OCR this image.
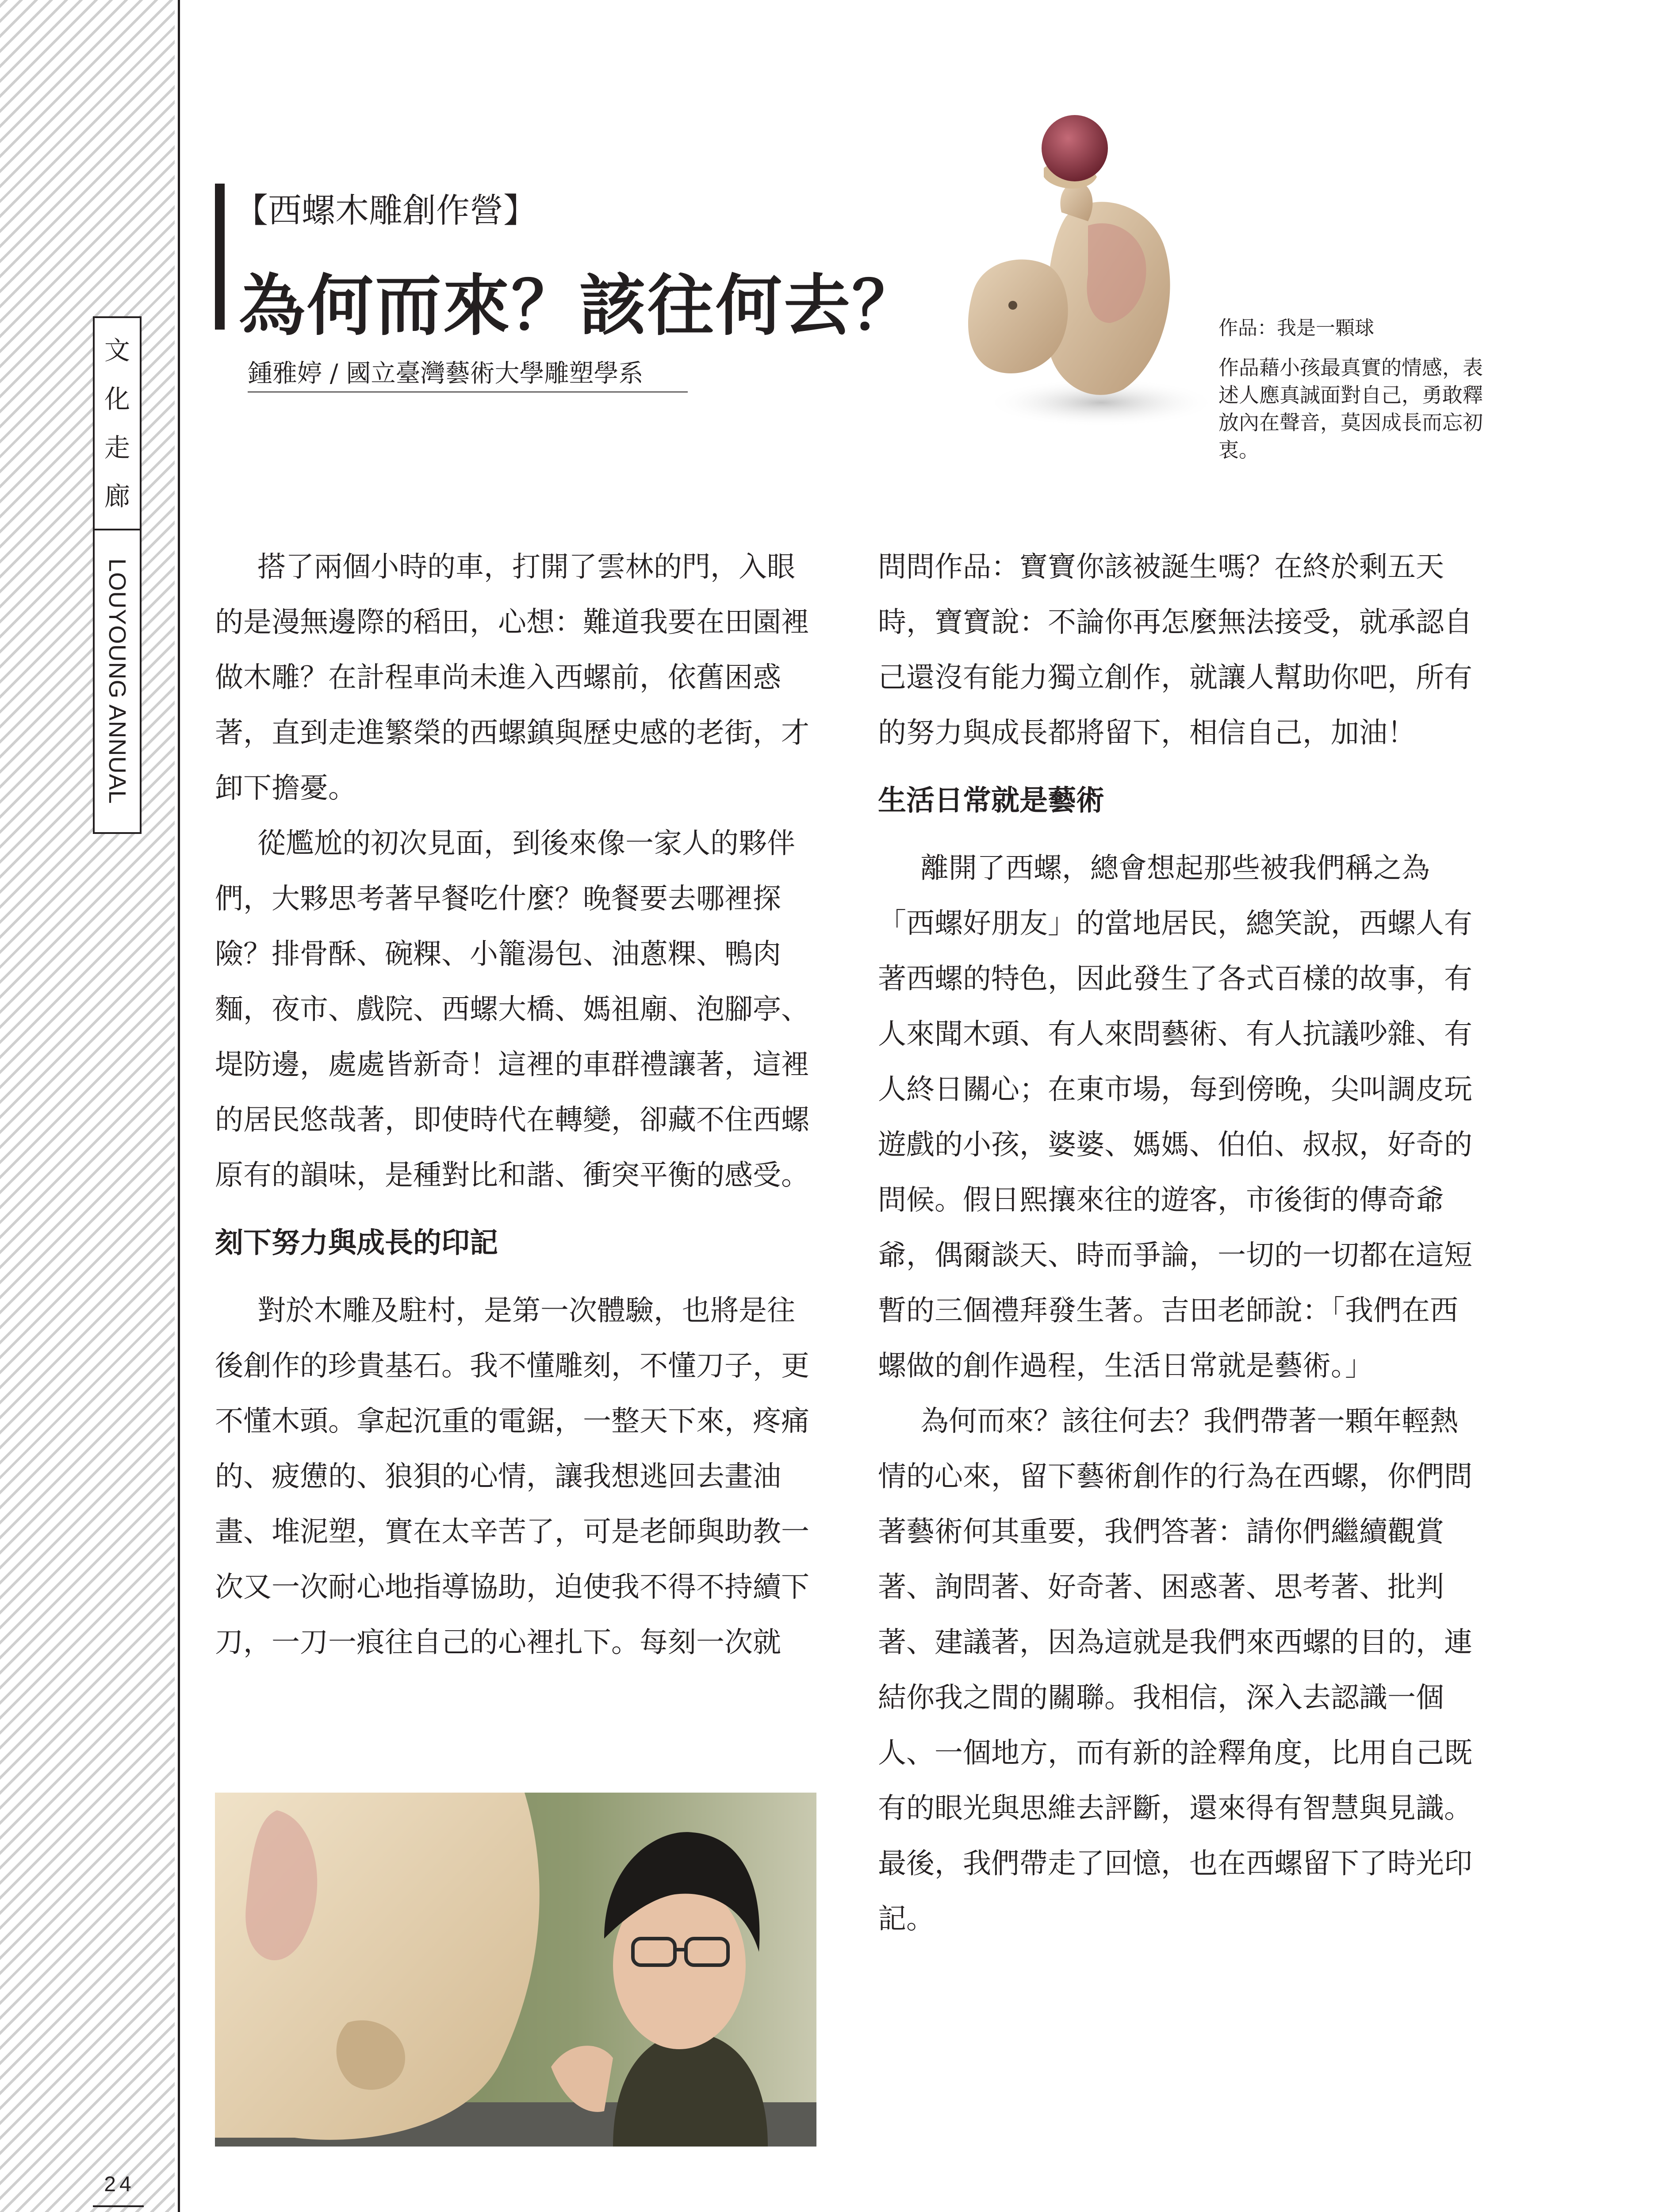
文
化
走
廊
LOUYOUNG ANNUAL
24
【西螺木雕創作營】
為何而來？該往何去？
鍾雅婷 / 國立臺灣藝術大學雕塑學系
作品：我是一顆球
作品藉小孩最真實的情感，表述人應真誠面對自己，勇敢釋放內在聲音，莫因成長而忘初衷。

搭了兩個小時的車，打開了雲林的門，入眼的是漫無邊際的稻田，心想：難道我要在田園裡做木雕？在計程車尚未進入西螺前，依舊困惑著，直到走進繁榮的西螺鎮與歷史感的老街，才卸下擔憂。

從尷尬的初次見面，到後來像一家人的夥伴們，大夥思考著早餐吃什麼？晚餐要去哪裡探險？排骨酥、碗粿、小籠湯包、油蔥粿、鴨肉麵，夜市、戲院、西螺大橋、媽祖廟、泡腳亭、堤防邊，處處皆新奇！這裡的車群禮讓著，這裡的居民悠哉著，即使時代在轉變，卻藏不住西螺原有的韻味，是種對比和諧、衝突平衡的感受。

刻下努力與成長的印記

對於木雕及駐村，是第一次體驗，也將是往後創作的珍貴基石。我不懂雕刻，不懂刀子，更不懂木頭。拿起沉重的電鋸，一整天下來，疼痛的、疲憊的、狼狽的心情，讓我想逃回去畫油畫、堆泥塑，實在太辛苦了，可是老師與助教一次又一次耐心地指導協助，迫使我不得不持續下刀，一刀一痕往自己的心裡扎下。每刻一次就

問問作品：寶寶你該被誕生嗎？在終於剩五天時，寶寶說：不論你再怎麼無法接受，就承認自己還沒有能力獨立創作，就讓人幫助你吧，所有的努力與成長都將留下，相信自己，加油！

生活日常就是藝術

離開了西螺，總會想起那些被我們稱之為「西螺好朋友」的當地居民，總笑說，西螺人有著西螺的特色，因此發生了各式百樣的故事，有人來聞木頭、有人來問藝術、有人抗議吵雜、有人終日關心；在東市場，每到傍晚，尖叫調皮玩遊戲的小孩，婆婆、媽媽、伯伯、叔叔，好奇的問候。假日熙攘來往的遊客，市後街的傳奇爺爺，偶爾談天、時而爭論，一切的一切都在這短暫的三個禮拜發生著。吉田老師說：「我們在西螺做的創作過程，生活日常就是藝術。」

為何而來？該往何去？我們帶著一顆年輕熱情的心來，留下藝術創作的行為在西螺，你們問著藝術何其重要，我們答著：請你們繼續觀賞著、詢問著、好奇著、困惑著、思考著、批判著、建議著，因為這就是我們來西螺的目的，連結你我之間的關聯。我相信，深入去認識一個人、一個地方，而有新的詮釋角度，比用自己既有的眼光與思維去評斷，還來得有智慧與見識。最後，我們帶走了回憶，也在西螺留下了時光印記。
